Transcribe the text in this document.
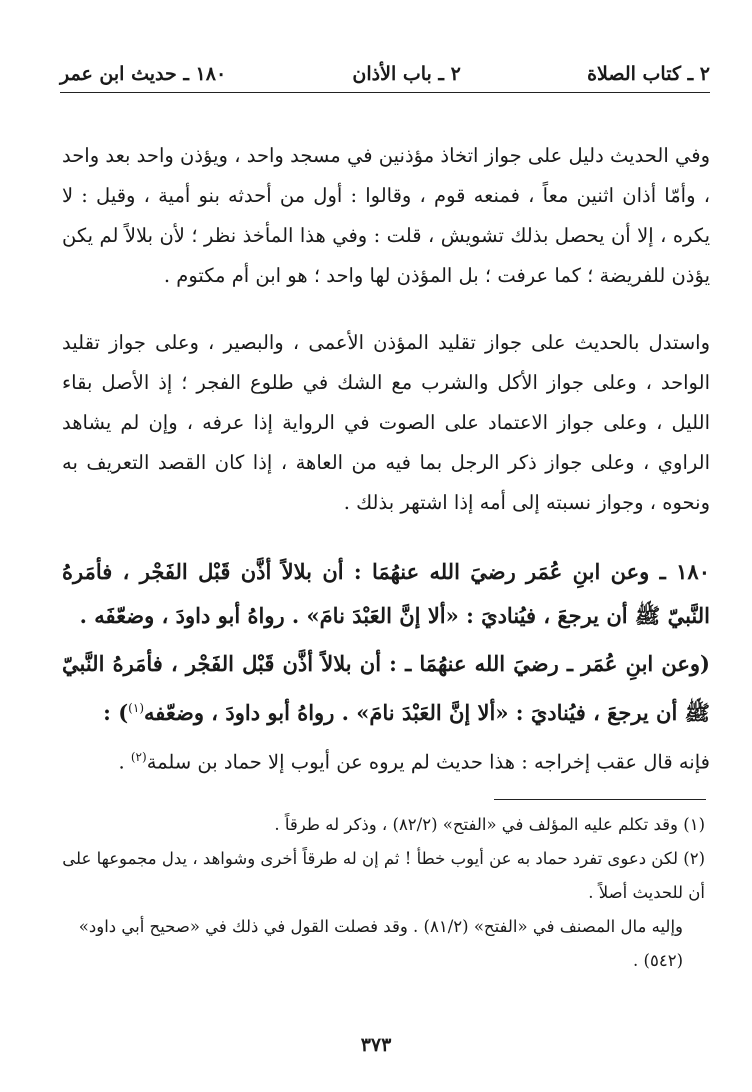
٢ ـ كتاب الصلاة
٢ ـ باب الأذان
١٨٠ ـ حديث ابن عمر

وفي الحديث دليل على جواز اتخاذ مؤذنين في مسجد واحد ، ويؤذن واحد بعد واحد ، وأمّا أذان اثنين معاً ، فمنعه قوم ، وقالوا : أول من أحدثه بنو أمية ، وقيل : لا يكره ، إلا أن يحصل بذلك تشويش ، قلت : وفي هذا المأخذ نظر ؛ لأن بلالاً لم يكن يؤذن للفريضة ؛ كما عرفت ؛ بل المؤذن لها واحد ؛ هو ابن أم مكتوم .

واستدل بالحديث على جواز تقليد المؤذن الأعمى ، والبصير ، وعلى جواز تقليد الواحد ، وعلى جواز الأكل والشرب مع الشك في طلوع الفجر ؛ إذ الأصل بقاء الليل ، وعلى جواز الاعتماد على الصوت في الرواية إذا عرفه ، وإن لم يشاهد الراوي ، وعلى جواز ذكر الرجل بما فيه من العاهة ، إذا كان القصد التعريف به ونحوه ، وجواز نسبته إلى أمه إذا اشتهر بذلك .

١٨٠ ـ وعن ابنِ عُمَر رضيَ الله عنهُمَا : أن بلالاً أذَّن قَبْل الفَجْر ، فأمَرهُ النَّبيّ ﷺ أن يرجعَ ، فيُناديَ : «ألا إنَّ العَبْدَ نامَ» . رواهُ أبو داودَ ، وضعّفَه .

(وعن ابنِ عُمَر ـ رضيَ الله عنهُمَا ـ : أن بلالاً أذَّن قَبْل الفَجْر ، فأمَرهُ النَّبيّ ﷺ أن يرجعَ ، فيُناديَ : «ألا إنَّ العَبْدَ نامَ» . رواهُ أبو داودَ ، وضعّفه$^{(١)}$) :

فإنه قال عقب إخراجه : هذا حديث لم يروه عن أيوب إلا حماد بن سلمة$^{(٢)}$ .

(١) وقد تكلم عليه المؤلف في «الفتح» (٨٢/٢) ، وذكر له طرقاً .

(٢) لكن دعوى تفرد حماد به عن أيوب خطأ ! ثم إن له طرقاً أخرى وشواهد ، يدل مجموعها على أن للحديث أصلاً .

وإليه مال المصنف في «الفتح» (٨١/٢) . وقد فصلت القول في ذلك في «صحيح أبي داود» (٥٤٢) .

٣٧٣
